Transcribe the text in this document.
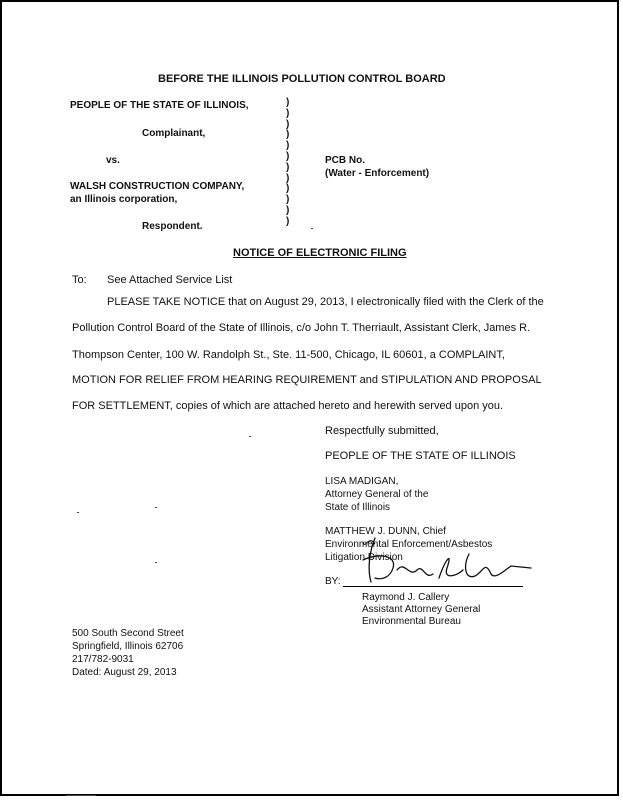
BEFORE THE ILLINOIS POLLUTION CONTROL BOARD
PEOPLE OF THE STATE OF ILLINOIS,
Complainant,
vs.
WALSH CONSTRUCTION COMPANY,
an Illinois corporation,
Respondent.
)
)
)
)
)
)
)
)
)
)
)
)
PCB No.
(Water - Enforcement)
NOTICE OF ELECTRONIC FILING
To: See Attached Service List
PLEASE TAKE NOTICE that on August 29, 2013, I electronically filed with the Clerk of the
Pollution Control Board of the State of Illinois, c/o John T. Therriault, Assistant Clerk, James R.
Thompson Center, 100 W. Randolph St., Ste. 11-500, Chicago, IL 60601, a COMPLAINT,
MOTION FOR RELIEF FROM HEARING REQUIREMENT and STIPULATION AND PROPOSAL
FOR SETTLEMENT, copies of which are attached hereto and herewith served upon you.
Respectfully submitted,
PEOPLE OF THE STATE OF ILLINOIS
LISA MADIGAN,
Attorney General of the
State of Illinois
MATTHEW J. DUNN, Chief
Environmental Enforcement/Asbestos
Litigation Division
BY:
Raymond J. Callery
Assistant Attorney General
Environmental Bureau
500 South Second Street
Springfield, Illinois 62706
217/782-9031
Dated: August 29, 2013
